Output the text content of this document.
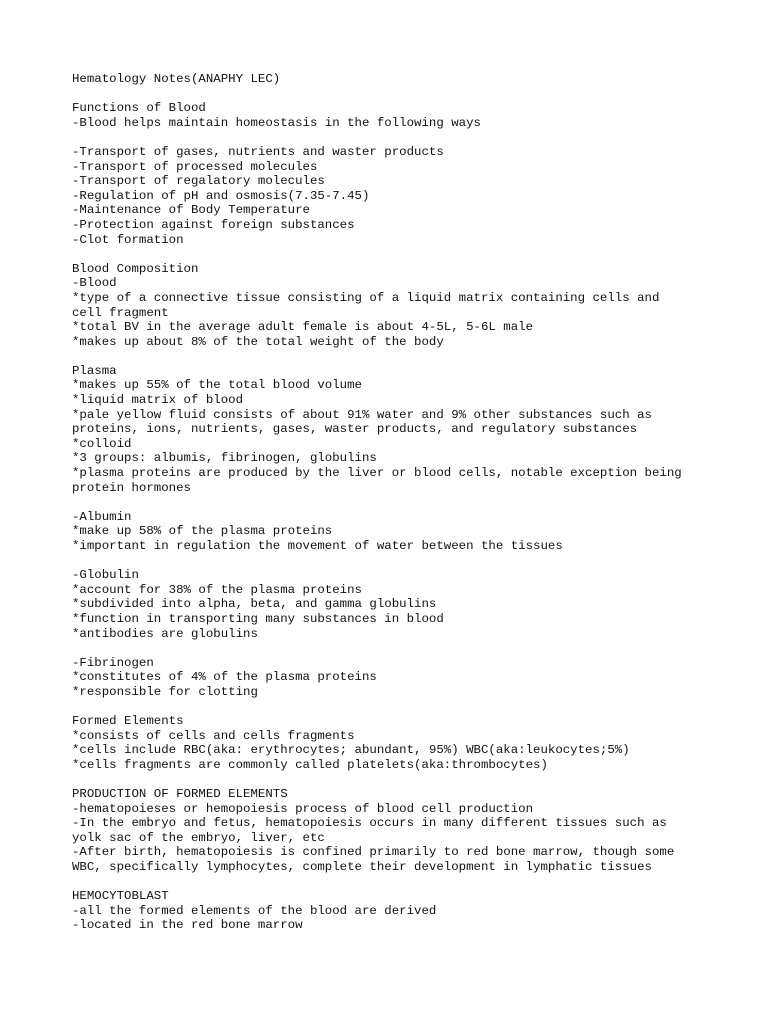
Hematology Notes(ANAPHY LEC)
Functions of Blood
-Blood helps maintain homeostasis in the following ways
-Transport of gases, nutrients and waster products
-Transport of processed molecules
-Transport of regalatory molecules
-Regulation of pH and osmosis(7.35-7.45)
-Maintenance of Body Temperature
-Protection against foreign substances
-Clot formation
Blood Composition
-Blood
*type of a connective tissue consisting of a liquid matrix containing cells and
cell fragment
*total BV in the average adult female is about 4-5L, 5-6L male
*makes up about 8% of the total weight of the body
Plasma
*makes up 55% of the total blood volume
*liquid matrix of blood
*pale yellow fluid consists of about 91% water and 9% other substances such as
proteins, ions, nutrients, gases, waster products, and regulatory substances
*colloid
*3 groups: albumis, fibrinogen, globulins
*plasma proteins are produced by the liver or blood cells, notable exception being
protein hormones
-Albumin
*make up 58% of the plasma proteins
*important in regulation the movement of water between the tissues
-Globulin
*account for 38% of the plasma proteins
*subdivided into alpha, beta, and gamma globulins
*function in transporting many substances in blood
*antibodies are globulins
-Fibrinogen
*constitutes of 4% of the plasma proteins
*responsible for clotting
Formed Elements
*consists of cells and cells fragments
*cells include RBC(aka: erythrocytes; abundant, 95%) WBC(aka:leukocytes;5%)
*cells fragments are commonly called platelets(aka:thrombocytes)
PRODUCTION OF FORMED ELEMENTS
-hematopoieses or hemopoiesis process of blood cell production
-In the embryo and fetus, hematopoiesis occurs in many different tissues such as
yolk sac of the embryo, liver, etc
-After birth, hematopoiesis is confined primarily to red bone marrow, though some
WBC, specifically lymphocytes, complete their development in lymphatic tissues
HEMOCYTOBLAST
-all the formed elements of the blood are derived
-located in the red bone marrow
